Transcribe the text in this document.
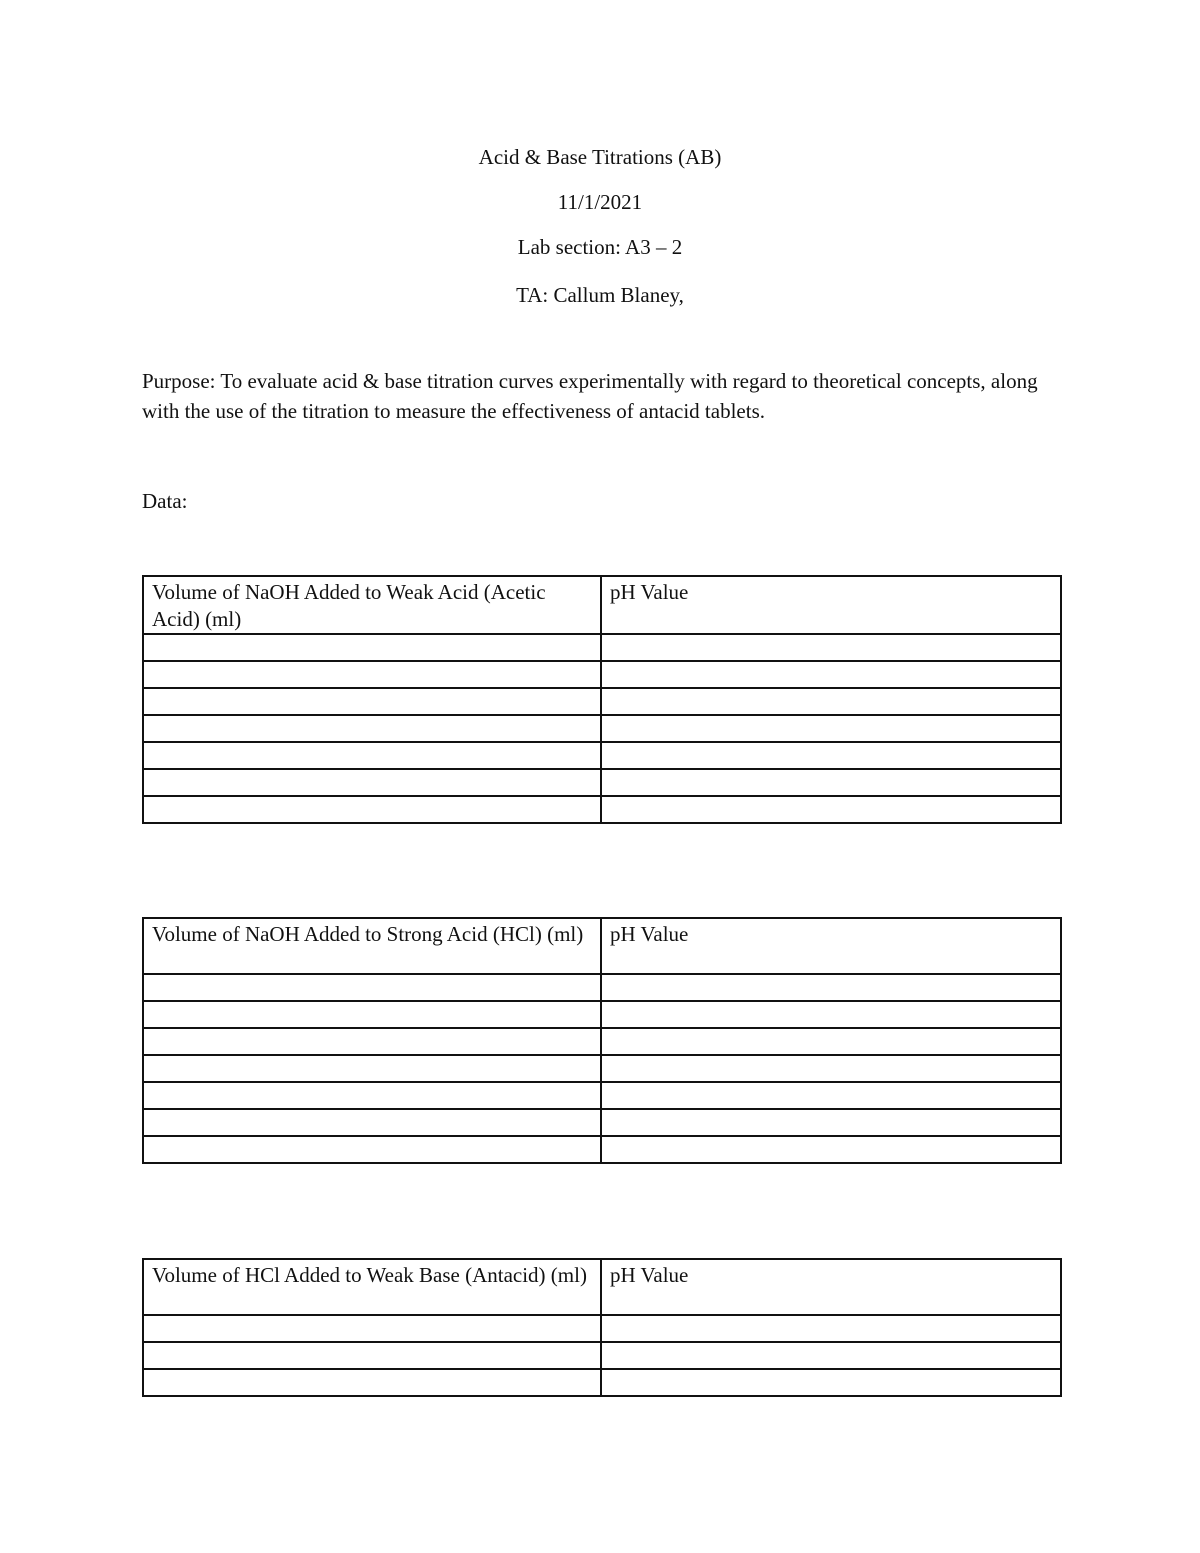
Acid & Base Titrations (AB)
11/1/2021
Lab section: A3 – 2
TA: Callum Blaney,
Purpose: To evaluate acid & base titration curves experimentally with regard to theoretical concepts, along with the use of the titration to measure the effectiveness of antacid tablets.
Data:
Volume of NaOH Added to Weak Acid (Acetic Acid) (ml)	pH Value

Volume of NaOH Added to Strong Acid (HCl) (ml)	pH Value

Volume of HCl Added to Weak Base (Antacid) (ml)	pH Value
